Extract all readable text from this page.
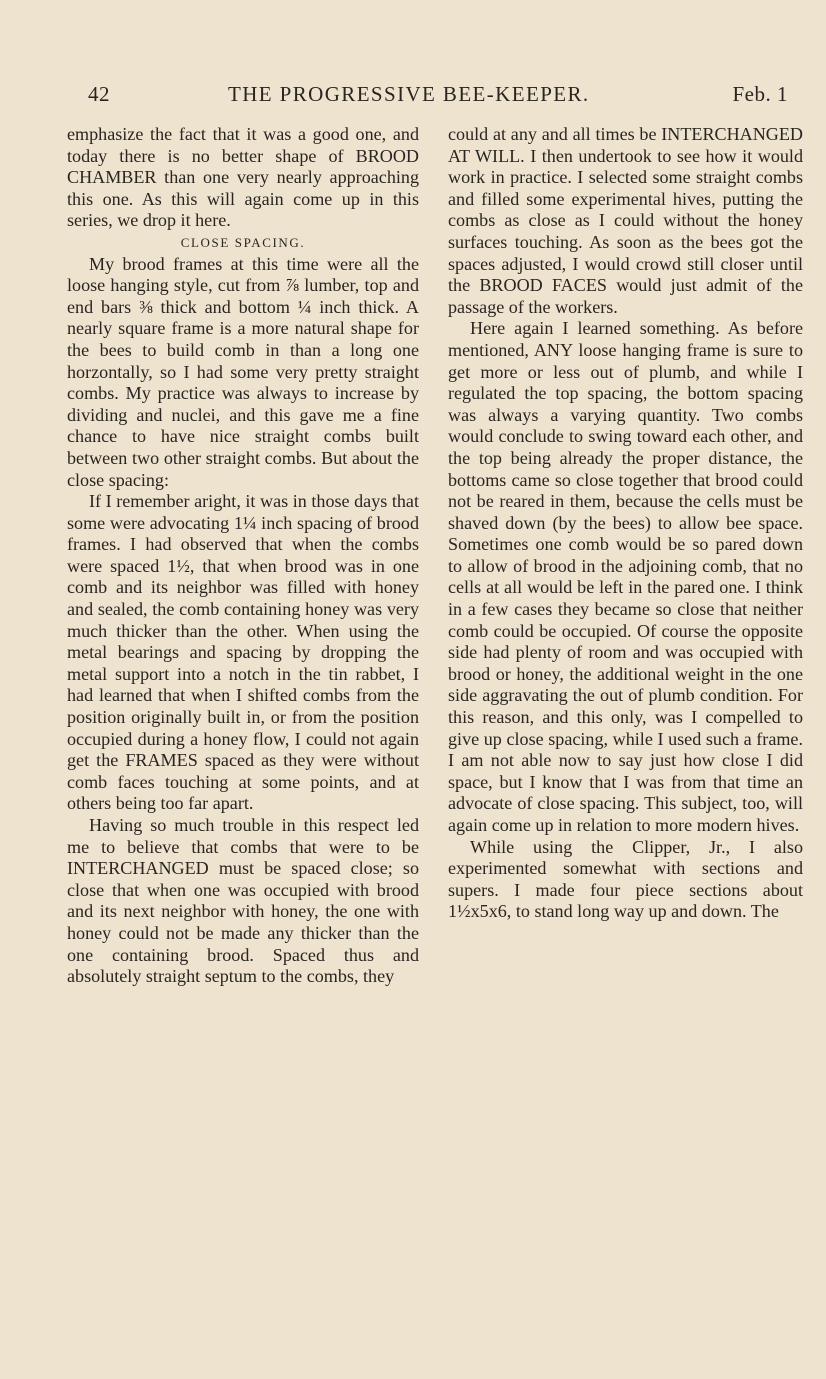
42	THE PROGRESSIVE BEE-KEEPER.	Feb. 1

emphasize the fact that it was a good one, and today there is no better shape of BROOD CHAMBER than one very nearly approaching this one. As this will again come up in this series, we drop it here.

CLOSE SPACING.

My brood frames at this time were all the loose hanging style, cut from ⅞ lumber, top and end bars ⅜ thick and bottom ¼ inch thick. A nearly square frame is a more natural shape for the bees to build comb in than a long one horzontally, so I had some very pretty straight combs. My practice was always to increase by dividing and nuclei, and this gave me a fine chance to have nice straight combs built between two other straight combs. But about the close spacing:

If I remember aright, it was in those days that some were advocating 1¼ inch spacing of brood frames. I had observed that when the combs were spaced 1½, that when brood was in one comb and its neighbor was filled with honey and sealed, the comb containing honey was very much thicker than the other. When using the metal bearings and spacing by dropping the metal support into a notch in the tin rabbet, I had learned that when I shifted combs from the position originally built in, or from the position occupied during a honey flow, I could not again get the FRAMES spaced as they were without comb faces touching at some points, and at others being too far apart.

Having so much trouble in this respect led me to believe that combs that were to be INTERCHANGED must be spaced close; so close that when one was occupied with brood and its next neighbor with honey, the one with honey could not be made any thicker than the one containing brood. Spaced thus and absolutely straight septum to the combs, they

could at any and all times be INTERCHANGED AT WILL. I then undertook to see how it would work in practice. I selected some straight combs and filled some experimental hives, putting the combs as close as I could without the honey surfaces touching. As soon as the bees got the spaces adjusted, I would crowd still closer until the BROOD FACES would just admit of the passage of the workers.

Here again I learned something. As before mentioned, ANY loose hanging frame is sure to get more or less out of plumb, and while I regulated the top spacing, the bottom spacing was always a varying quantity. Two combs would conclude to swing toward each other, and the top being already the proper distance, the bottoms came so close together that brood could not be reared in them, because the cells must be shaved down (by the bees) to allow bee space. Sometimes one comb would be so pared down to allow of brood in the adjoining comb, that no cells at all would be left in the pared one. I think in a few cases they became so close that neither comb could be occupied. Of course the opposite side had plenty of room and was occupied with brood or honey, the additional weight in the one side aggravating the out of plumb condition. For this reason, and this only, was I compelled to give up close spacing, while I used such a frame. I am not able now to say just how close I did space, but I know that I was from that time an advocate of close spacing. This subject, too, will again come up in relation to more modern hives.

While using the Clipper, Jr., I also experimented somewhat with sections and supers. I made four piece sections about 1½x5x6, to stand long way up and down. The
